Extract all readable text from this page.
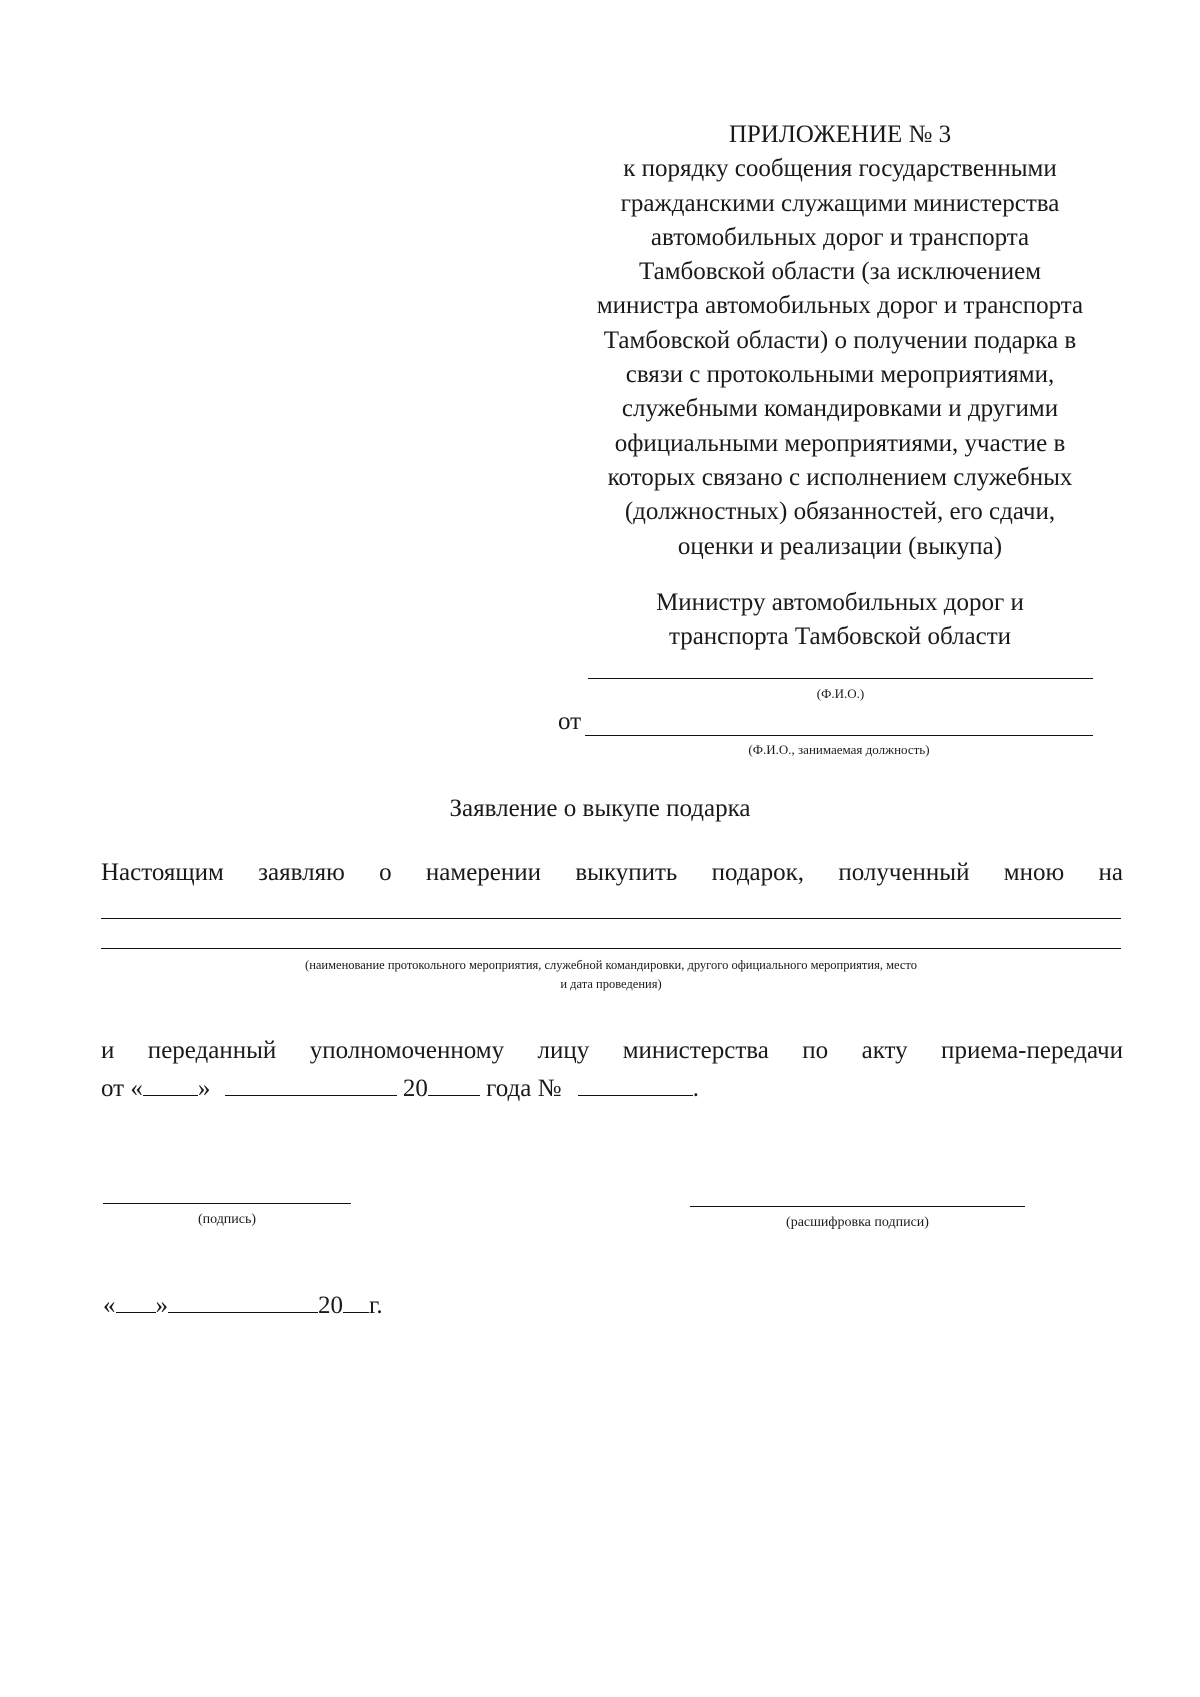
ПРИЛОЖЕНИЕ № 3
к порядку сообщения государственными
гражданскими служащими министерства
автомобильных дорог и транспорта
Тамбовской области (за исключением
министра автомобильных дорог и транспорта
Тамбовской области) о получении подарка в
связи с протокольными мероприятиями,
служебными командировками и другими
официальными мероприятиями, участие в
которых связано с исполнением служебных
(должностных) обязанностей, его сдачи,
оценки и реализации (выкупа)
Министру автомобильных дорог и
транспорта Тамбовской области
(Ф.И.О.)
от
(Ф.И.О., занимаемая должность)
Заявление о выкупе подарка
Настоящим заявляю о намерении выкупить подарок, полученный мною на
(наименование протокольного мероприятия, служебной командировки, другого официального мероприятия, место
и дата проведения)
и переданный уполномоченному лицу министерства по акту приема-передачи
от « »	20 года №	.
(подпись)	(расшифровка подписи)
« »	20 г.
